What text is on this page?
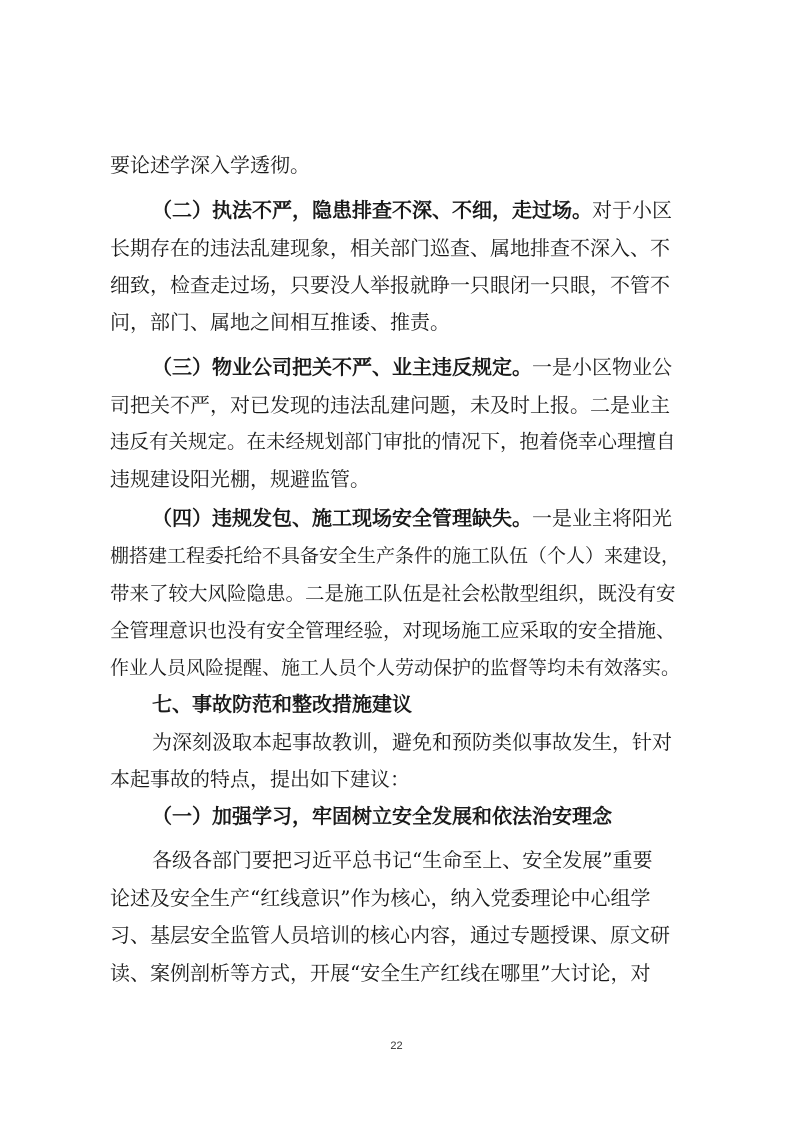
要论述学深入学透彻。
（二）执法不严，隐患排查不深、不细，走过场。对于小区
长期存在的违法乱建现象，相关部门巡查、属地排查不深入、不
细致，检查走过场，只要没人举报就睁一只眼闭一只眼，不管不
问，部门、属地之间相互推诿、推责。
（三）物业公司把关不严、业主违反规定。一是小区物业公
司把关不严，对已发现的违法乱建问题，未及时上报。二是业主
违反有关规定。在未经规划部门审批的情况下，抱着侥幸心理擅自
违规建设阳光棚，规避监管。
（四）违规发包、施工现场安全管理缺失。一是业主将阳光
棚搭建工程委托给不具备安全生产条件的施工队伍（个人）来建设，
带来了较大风险隐患。二是施工队伍是社会松散型组织，既没有安
全管理意识也没有安全管理经验，对现场施工应采取的安全措施、
作业人员风险提醒、施工人员个人劳动保护的监督等均未有效落实。
七、事故防范和整改措施建议
为深刻汲取本起事故教训，避免和预防类似事故发生，针对
本起事故的特点，提出如下建议：
（一）加强学习，牢固树立安全发展和依法治安理念
各级各部门要把习近平总书记“生命至上、安全发展”重要
论述及安全生产“红线意识”作为核心，纳入党委理论中心组学
习、基层安全监管人员培训的核心内容，通过专题授课、原文研
读、案例剖析等方式，开展“安全生产红线在哪里”大讨论，对
22
